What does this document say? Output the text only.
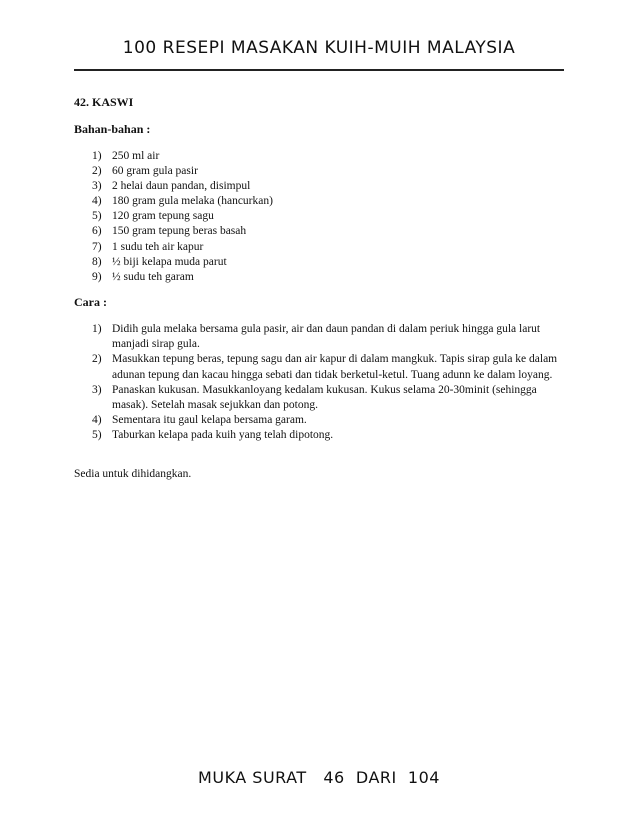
100 RESEPI MASAKAN KUIH-MUIH MALAYSIA
42. KASWI
Bahan-bahan :
1) 250 ml air
2) 60 gram gula pasir
3) 2 helai daun pandan, disimpul
4) 180 gram gula melaka (hancurkan)
5) 120 gram tepung sagu
6) 150 gram tepung beras basah
7) 1 sudu teh air kapur
8) ½ biji kelapa muda parut
9) ½ sudu teh garam
Cara :
1) Didih gula melaka bersama gula pasir, air dan daun pandan di dalam periuk hingga gula larut manjadi sirap gula.
2) Masukkan tepung beras, tepung sagu dan air kapur di dalam mangkuk. Tapis sirap gula ke dalam adunan tepung dan kacau hingga sebati dan tidak berketul-ketul. Tuang adunn ke dalam loyang.
3) Panaskan kukusan. Masukkanloyang kedalam kukusan. Kukus selama 20-30minit (sehingga masak). Setelah masak sejukkan dan potong.
4) Sementara itu gaul kelapa bersama garam.
5) Taburkan kelapa pada kuih yang telah dipotong.
Sedia untuk dihidangkan.
MUKA SURAT   46  DARI  104
